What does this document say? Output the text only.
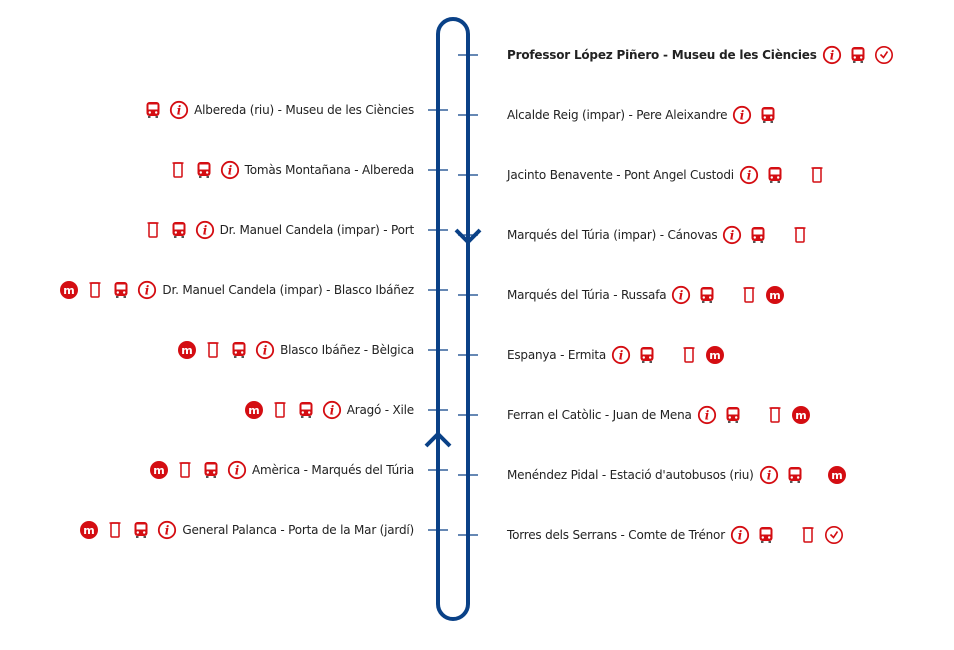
i Albereda (riu) - Museu de les Ciències
i Tomàs Montañana - Albereda
i Dr. Manuel Candela (impar) - Port
m	i Dr. Manuel Candela (impar) - Blasco Ibáñez
m	i Blasco Ibáñez - Bèlgica
m	i Aragó - Xile
m	i Amèrica - Marqués del Túria
m	i General Palanca - Porta de la Mar (jardí)
Professor López Piñero - Museu de les Ciències i
Alcalde Reig (impar) - Pere Aleixandre i
Jacinto Benavente - Pont Angel Custodi i
Marqués del Túria (impar) - Cánovas i
Marqués del Túria - Russafa i	m
Espanya - Ermita i	m
Ferran el Catòlic - Juan de Mena i	m
Menéndez Pidal - Estació d'autobusos (riu) i	m
Torres dels Serrans - Comte de Trénor i
